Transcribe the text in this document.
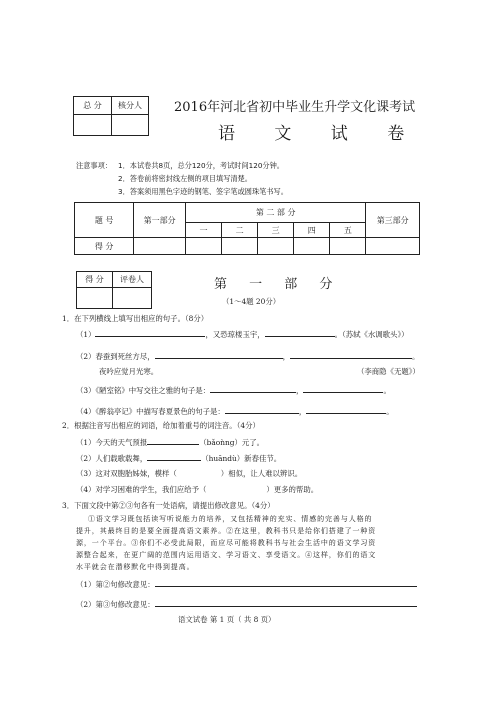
总 分	核分人
	2016年河北省初中毕业生升学文化课考试
语 文 试 卷
注意事项： 1．本试卷共8页，总分120分，考试时间120分钟。
2．答卷前将密封线左侧的项目填写清楚。
3．答案须用黑色字迹的钢笔、签字笔或圆珠笔书写。
题 号	第一部分	第 二 部 分					第三部分
		一	二	三	四	五	
得 分							
得 分	评卷人
		第 一 部 分
（1～4题 20分）
1．在下列横线上填写出相应的句子。（8分）
（1）	，又恐琼楼玉宇，	。（苏轼《水调歌头》）
（2）春蚕到死丝方尽，	，	。
夜吟应觉月光寒。	（李商隐《无题》）
（3）《陋室铭》中写交往之雅的句子是：	，	。
（4）《醉翁亭记》中描写春夏景色的句子是：	，	。
2．根据注音写出相应的词语，给加着重号的词注音。（4分）
（1）今天的天气预报	（bǎoǹng）元了。
（2）人们载歌载舞，	（huāndù）新春佳节。
（3）这对双胞胎姊妹，模样（	）相似，让人难以辨识。
（4）对学习困难的学生，我们应给予（	）更多的帮助。
3．下面文段中第②③句各有一处语病，请提出修改意见。（4分）
①语文学习既包括读写听说能力的培养，又包括精神的充实、情感的完善与人格的
提升，其最终目的是要全面提高语文素养。②在这里，教科书只是给你们搭建了一种资
源，一个平台。③你们不必受此局限，而应尽可能将教科书与社会生活中的语文学习资
源整合起来，在更广阔的范围内运用语文、学习语文、享受语文。④这样，你们的语文
水平就会在潜移默化中得到提高。
（1）第②句修改意见：
（2）第③句修改意见：
语文试卷 第 1 页（ 共 8 页）
